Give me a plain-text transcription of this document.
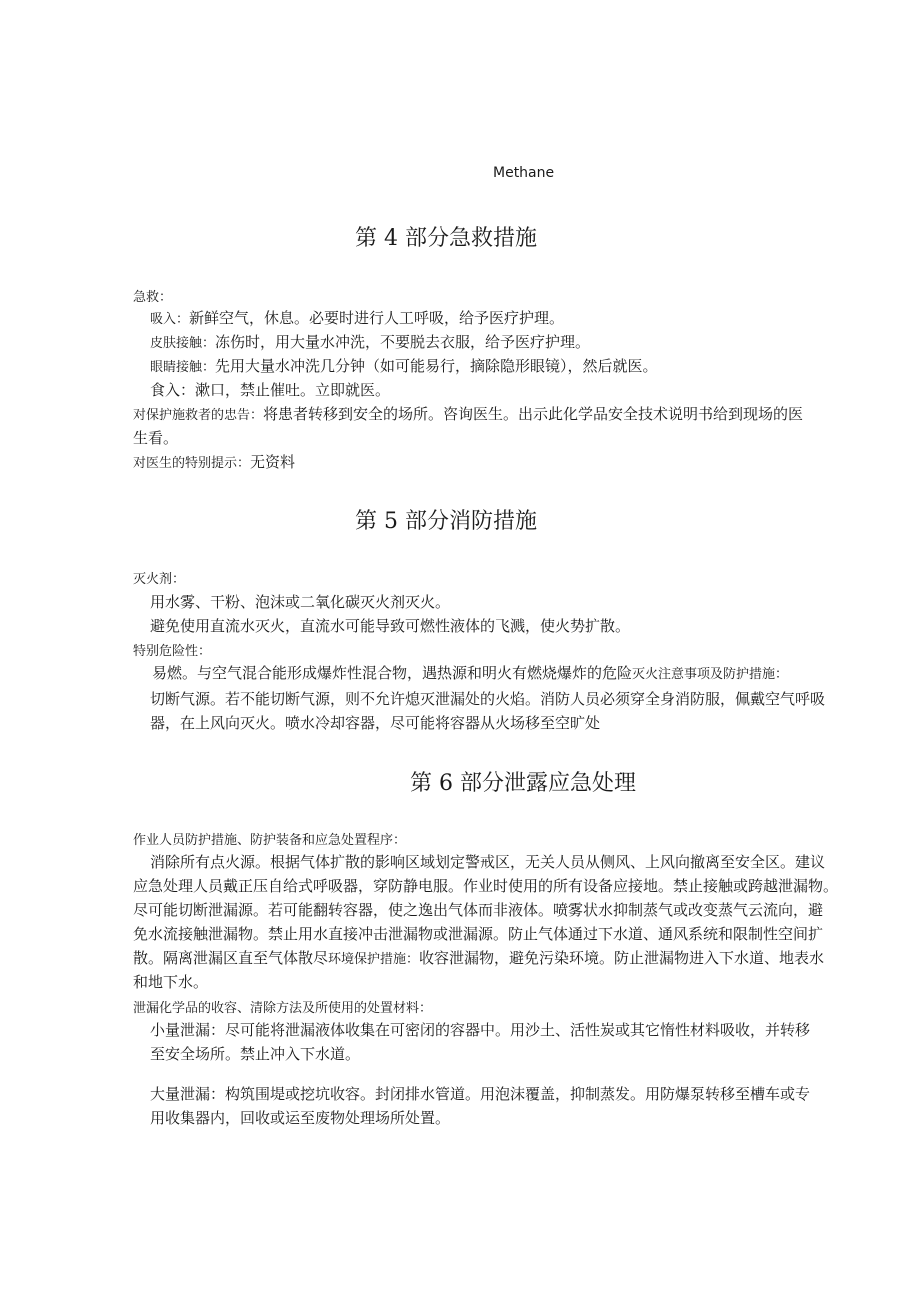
Methane
第 4 部分急救措施
急救：
吸入：新鲜空气，休息。必要时进行人工呼吸，给予医疗护理。
皮肤接触：冻伤时，用大量水冲洗，不要脱去衣服，给予医疗护理。
眼睛接触：先用大量水冲洗几分钟（如可能易行，摘除隐形眼镜），然后就医。
食入：漱口，禁止催吐。立即就医。
对保护施救者的忠告：将患者转移到安全的场所。咨询医生。出示此化学品安全技术说明书给到现场的医
生看。
对医生的特别提示：无资料
第 5 部分消防措施
灭火剂：
用水雾、干粉、泡沫或二氧化碳灭火剂灭火。
避免使用直流水灭火，直流水可能导致可燃性液体的飞溅，使火势扩散。
特别危险性：
易燃。与空气混合能形成爆炸性混合物，遇热源和明火有燃烧爆炸的危险灭火注意事项及防护措施：
切断气源。若不能切断气源，则不允许熄灭泄漏处的火焰。消防人员必须穿全身消防服，佩戴空气呼吸
器，在上风向灭火。喷水冷却容器，尽可能将容器从火场移至空旷处
第 6 部分泄露应急处理
作业人员防护措施、防护装备和应急处置程序：
消除所有点火源。根据气体扩散的影响区域划定警戒区，无关人员从侧风、上风向撤离至安全区。建议
应急处理人员戴正压自给式呼吸器，穿防静电服。作业时使用的所有设备应接地。禁止接触或跨越泄漏物。
尽可能切断泄漏源。若可能翻转容器，使之逸出气体而非液体。喷雾状水抑制蒸气或改变蒸气云流向，避
免水流接触泄漏物。禁止用水直接冲击泄漏物或泄漏源。防止气体通过下水道、通风系统和限制性空间扩
散。隔离泄漏区直至气体散尽环境保护措施：收容泄漏物，避免污染环境。防止泄漏物进入下水道、地表水
和地下水。
泄漏化学品的收容、清除方法及所使用的处置材料：
小量泄漏：尽可能将泄漏液体收集在可密闭的容器中。用沙土、活性炭或其它惰性材料吸收，并转移
至安全场所。禁止冲入下水道。
大量泄漏：构筑围堤或挖坑收容。封闭排水管道。用泡沫覆盖，抑制蒸发。用防爆泵转移至槽车或专
用收集器内，回收或运至废物处理场所处置。
